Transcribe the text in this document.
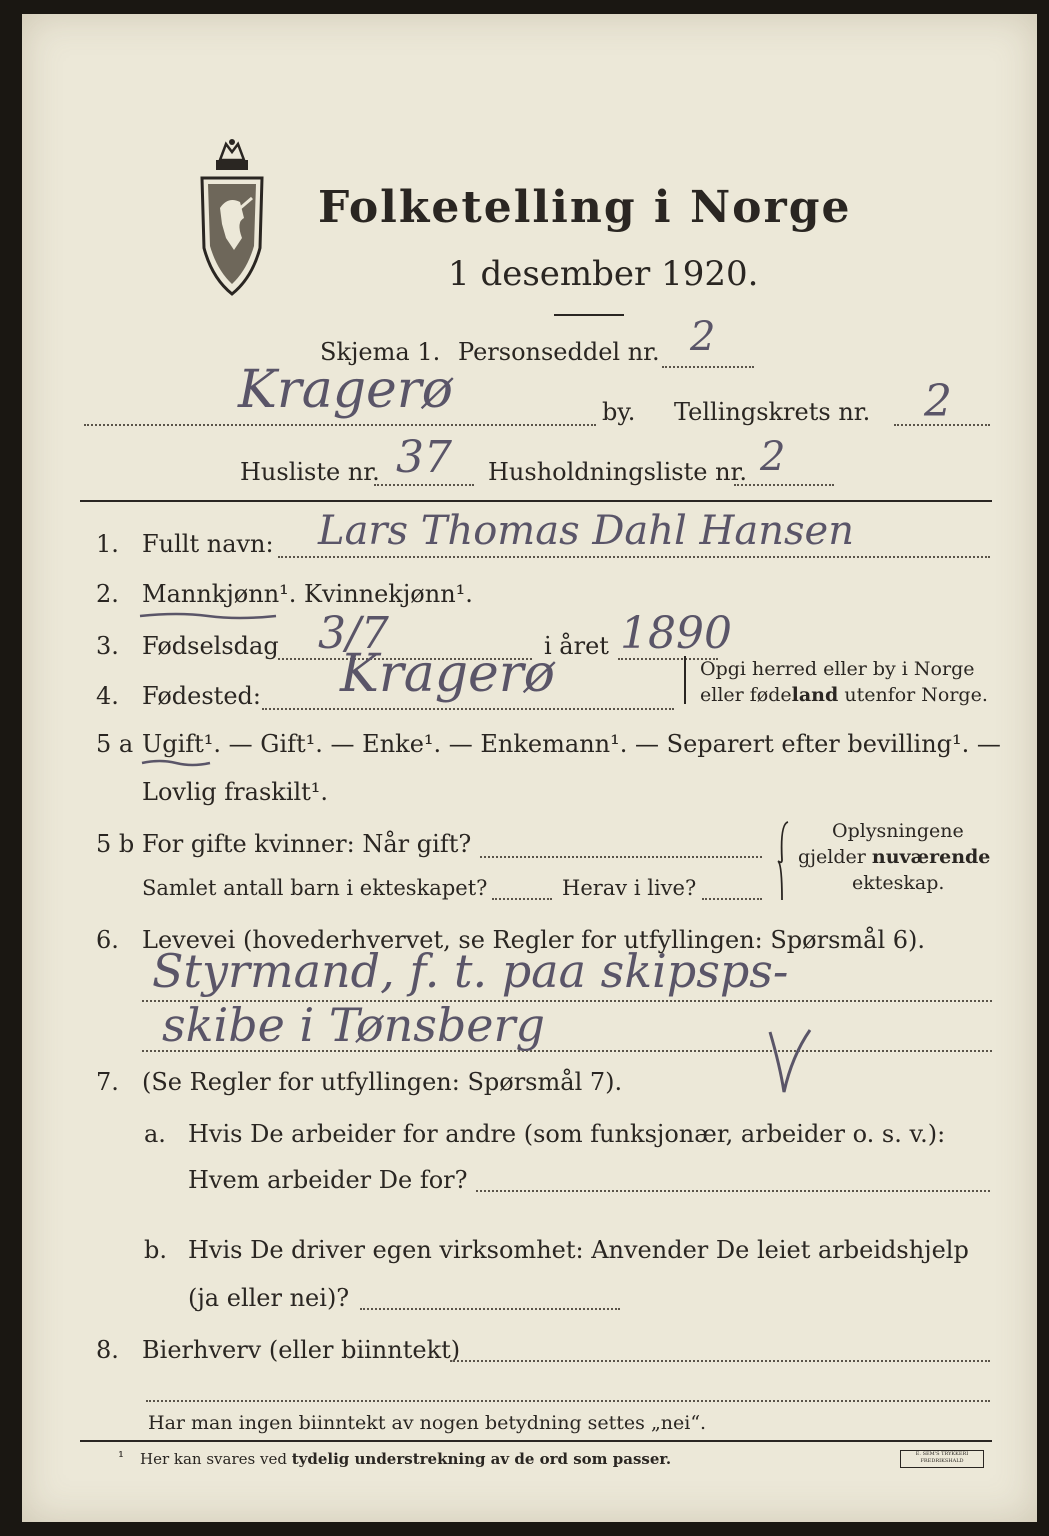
Folketelling i Norge
1 desember 1920.
Skjema 1. Personseddel nr. 2
Kragerø	by. Tellingskrets nr. 2
Husliste nr. 37 Husholdningsliste nr. 2
1. Fullt navn: Lars Thomas Dahl Hansen
2. Mannkjønn¹. Kvinnekjønn¹.
3. Fødselsdag 3/7	i året 1890
4. Fødested: Kragerø	Opgi herred eller by i Norge
eller fødeland utenfor Norge.
5 a Ugift¹. — Gift¹. — Enke¹. — Enkemann¹. — Separert efter bevilling¹. —
Lovlig fraskilt¹.
5 b For gifte kvinner: Når gift?
Samlet antall barn i ekteskapet?	Herav i live?
Oplysningene
gjelder nuværende
ekteskap.
6. Levevei (hovederhvervet, se Regler for utfyllingen: Spørsmål 6).
Styrmand, f. t. paa skipsps-
skibe i Tønsberg
7. (Se Regler for utfyllingen: Spørsmål 7).
a. Hvis De arbeider for andre (som funksjonær, arbeider o. s. v.):
Hvem arbeider De for?
b. Hvis De driver egen virksomhet: Anvender De leiet arbeidshjelp
(ja eller nei)?
8. Bierhverv (eller biinntekt)
Har man ingen biinntekt av nogen betydning settes „nei“.
¹ Her kan svares ved tydelig understrekning av de ord som passer.	E. SEM'S TRYKKERI FREDRIKSHALD
